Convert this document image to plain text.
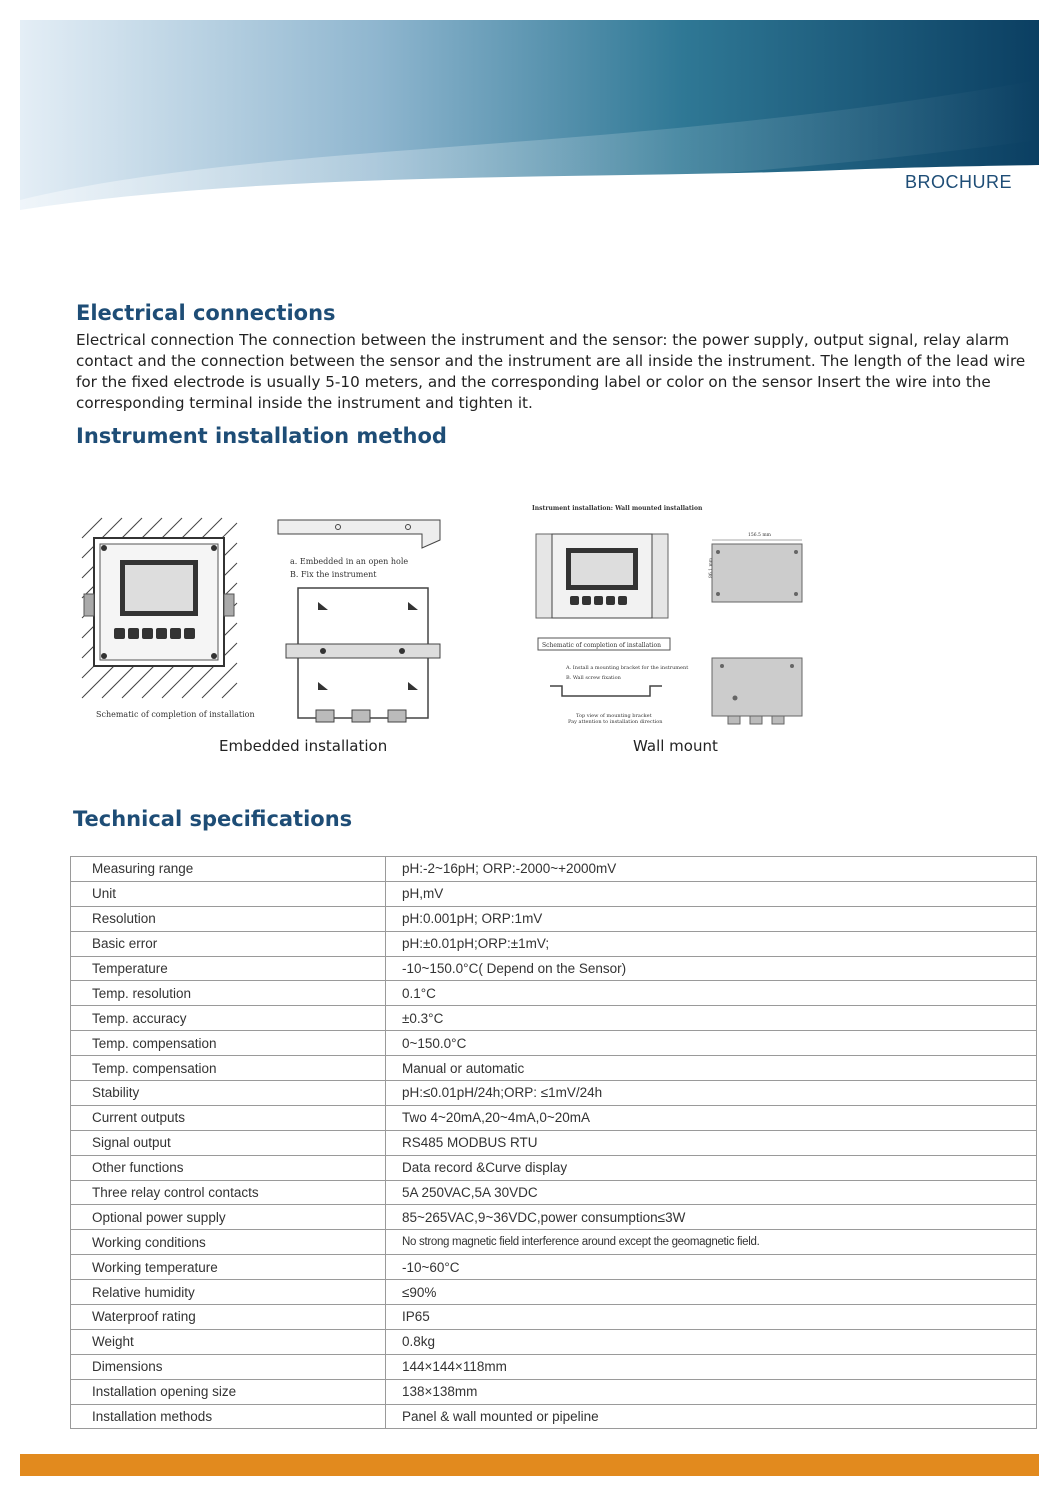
BROCHURE
Electrical connections
Electrical connection The connection between the instrument and the sensor: the power supply, output signal, relay alarm contact and the connection between the sensor and the instrument are all inside the instrument. The length of the lead wire for the fixed electrode is usually 5-10 meters, and the corresponding label or color on the sensor Insert the wire into the corresponding terminal inside the instrument and tighten it.
Instrument installation method
Schematic of completion of installation
a. Embedded in an open hole
B. Fix the instrument
Embedded installation
Instrument installation: Wall mounted installation
Schematic of completion of installation
A. Install a mounting bracket for the instrument
B. Wall screw fixation
Top view of mounting bracket
Pay attention to installation direction
156.5 mm
86.1 mm
Wall mount
Technical specifications
Measuring range	pH:-2~16pH; ORP:-2000~+2000mV
Unit	pH,mV
Resolution	pH:0.001pH; ORP:1mV
Basic error	pH:±0.01pH;ORP:±1mV;
Temperature	-10~150.0°C( Depend on the Sensor)
Temp. resolution	0.1°C
Temp. accuracy	±0.3°C
Temp. compensation	0~150.0°C
Temp. compensation	Manual or automatic
Stability	pH:≤0.01pH/24h;ORP: ≤1mV/24h
Current outputs	Two 4~20mA,20~4mA,0~20mA
Signal output	RS485 MODBUS RTU
Other functions	Data record &Curve display
Three relay control contacts	5A 250VAC,5A 30VDC
Optional power supply	85~265VAC,9~36VDC,power consumption≤3W
Working conditions	No strong magnetic field interference around except the geomagnetic field.
Working temperature	-10~60°C
Relative humidity	≤90%
Waterproof rating	IP65
Weight	0.8kg
Dimensions	144×144×118mm
Installation opening size	138×138mm
Installation methods	Panel & wall mounted or pipeline
